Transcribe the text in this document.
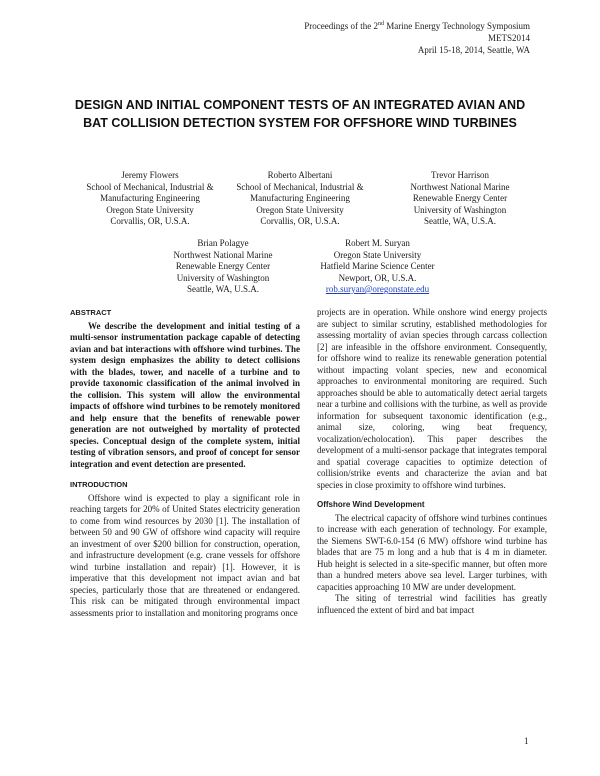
Proceedings of the 2nd Marine Energy Technology Symposium
METS2014
April 15-18, 2014, Seattle, WA
DESIGN AND INITIAL COMPONENT TESTS OF AN INTEGRATED AVIAN AND BAT COLLISION DETECTION SYSTEM FOR OFFSHORE WIND TURBINES
Jeremy Flowers
School of Mechanical, Industrial &
Manufacturing Engineering
Oregon State University
Corvallis, OR, U.S.A.
Roberto Albertani
School of Mechanical, Industrial &
Manufacturing Engineering
Oregon State University
Corvallis, OR, U.S.A.
Trevor Harrison
Northwest National Marine
Renewable Energy Center
University of Washington
Seattle, WA, U.S.A.
Brian Polagye
Northwest National Marine
Renewable Energy Center
University of Washington
Seattle, WA, U.S.A.
Robert M. Suryan
Oregon State University
Hatfield Marine Science Center
Newport, OR, U.S.A.
rob.suryan@oregonstate.edu
ABSTRACT

We describe the development and initial testing of a multi-sensor instrumentation package capable of detecting avian and bat interactions with offshore wind turbines. The system design emphasizes the ability to detect collisions with the blades, tower, and nacelle of a turbine and to provide taxonomic classification of the animal involved in the collision. This system will allow the environmental impacts of offshore wind turbines to be remotely monitored and help ensure that the benefits of renewable power generation are not outweighed by mortality of protected species. Conceptual design of the complete system, initial testing of vibration sensors, and proof of concept for sensor integration and event detection are presented.

INTRODUCTION

Offshore wind is expected to play a significant role in reaching targets for 20% of United States electricity generation to come from wind resources by 2030 [1]. The installation of between 50 and 90 GW of offshore wind capacity will require an investment of over $200 billion for construction, operation, and infrastructure development (e.g. crane vessels for offshore wind turbine installation and repair) [1]. However, it is imperative that this development not impact avian and bat species, particularly those that are threatened or endangered. This risk can be mitigated through environmental impact assessments prior to installation and monitoring programs once

projects are in operation. While onshore wind energy projects are subject to similar scrutiny, established methodologies for assessing mortality of avian species through carcass collection [2] are infeasible in the offshore environment. Consequently, for offshore wind to realize its renewable generation potential without impacting volant species, new and economical approaches to environmental monitoring are required. Such approaches should be able to automatically detect aerial targets near a turbine and collisions with the turbine, as well as provide information for subsequent taxonomic identification (e.g., animal size, coloring, wing beat frequency, vocalization/echolocation). This paper describes the development of a multi-sensor package that integrates temporal and spatial coverage capacities to optimize detection of collision/strike events and characterize the avian and bat species in close proximity to offshore wind turbines.

Offshore Wind Development

The electrical capacity of offshore wind turbines continues to increase with each generation of technology. For example, the Siemens SWT-6.0-154 (6 MW) offshore wind turbine has blades that are 75 m long and a hub that is 4 m in diameter. Hub height is selected in a site-specific manner, but often more than a hundred meters above sea level. Larger turbines, with capacities approaching 10 MW are under development.

The siting of terrestrial wind facilities has greatly influenced the extent of bird and bat impact

1
